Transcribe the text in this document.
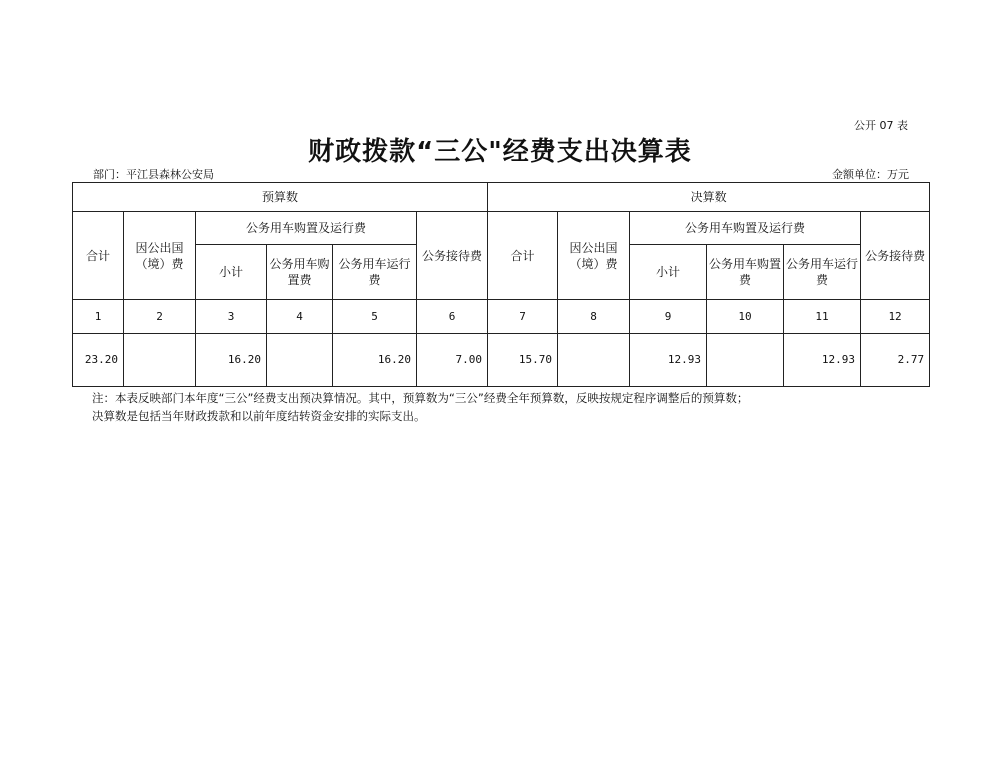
公开 07 表
财政拨款“三公"经费支出决算表
部门：平江县森林公安局	金额单位：万元
预算数						决算数					
合计	因公出国（境）费	公务用车购置及运行费			公务接待费	合计	因公出国（境）费	公务用车购置及运行费			公务接待费
		小计	公务用车购置费	公务用车运行费				小计	公务用车购置费	公务用车运行费	
1	2	3	4	5	6	7	8	9	10	11	12
23.20		16.20		16.20	7.00	15.70		12.93		12.93	2.77
注：本表反映部门本年度“三公”经费支出预决算情况。其中，预算数为“三公”经费全年预算数，反映按规定程序调整后的预算数；
决算数是包括当年财政拨款和以前年度结转资金安排的实际支出。
